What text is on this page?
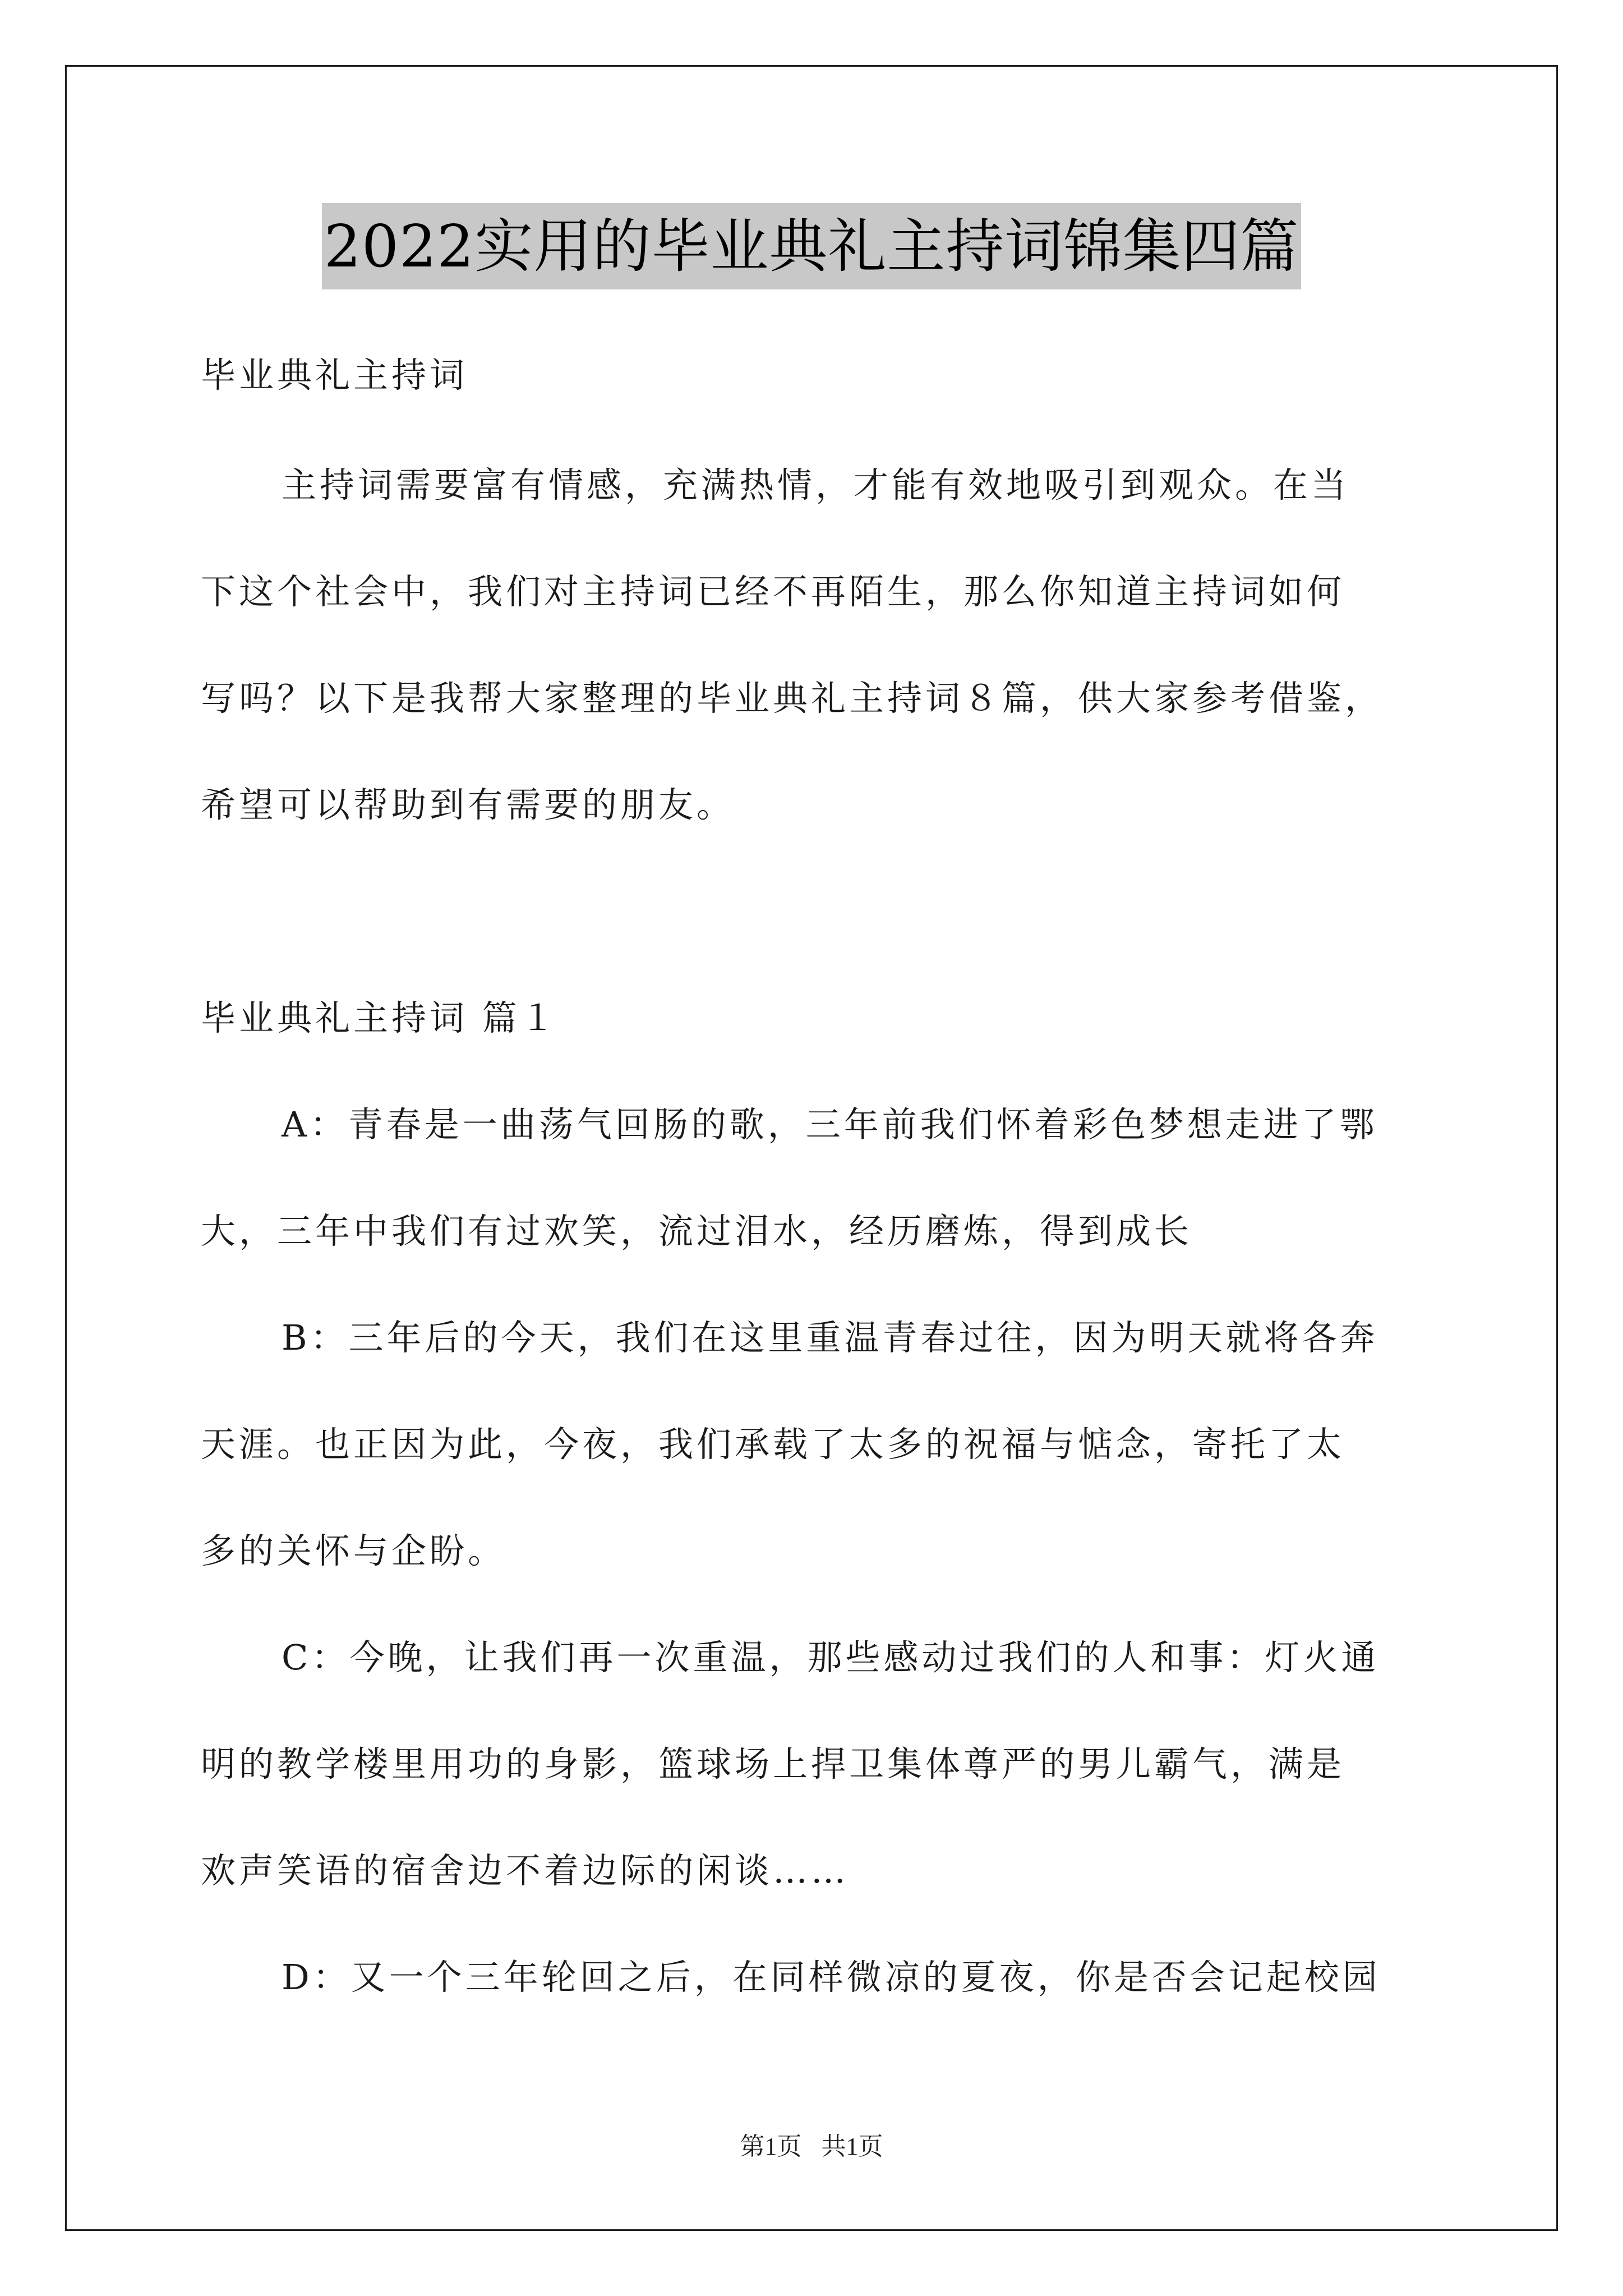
2022实用的毕业典礼主持词锦集四篇
毕业典礼主持词
主持词需要富有情感，充满热情，才能有效地吸引到观众。在当
下这个社会中，我们对主持词已经不再陌生，那么你知道主持词如何
写吗？以下是我帮大家整理的毕业典礼主持词８篇，供大家参考借鉴，
希望可以帮助到有需要的朋友。
毕业典礼主持词 篇１
A：青春是一曲荡气回肠的歌，三年前我们怀着彩色梦想走进了鄂
大，三年中我们有过欢笑，流过泪水，经历磨炼，得到成长
B：三年后的今天，我们在这里重温青春过往，因为明天就将各奔
天涯。也正因为此，今夜，我们承载了太多的祝福与惦念，寄托了太
多的关怀与企盼。
C：今晚，让我们再一次重温，那些感动过我们的人和事：灯火通
明的教学楼里用功的身影，篮球场上捍卫集体尊严的男儿霸气，满是
欢声笑语的宿舍边不着边际的闲谈……
D：又一个三年轮回之后，在同样微凉的夏夜，你是否会记起校园
第1页 共1页
